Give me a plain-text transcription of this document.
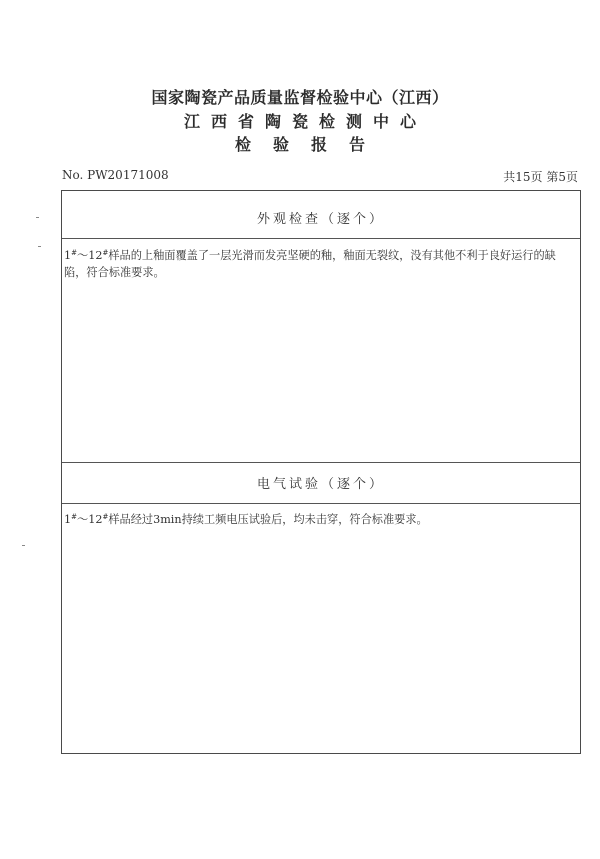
国家陶瓷产品质量监督检验中心（江西）
江西省陶瓷检测中心
检验报告
No. PW20171008	共15页 第5页
外观检查（逐个）
1#～12#样品的上釉面覆盖了一层光滑而发亮坚硬的釉，釉面无裂纹，没有其他不利于良好运行的缺陷，符合标准要求。
电气试验（逐个）
1#～12#样品经过3min持续工频电压试验后，均未击穿，符合标准要求。
